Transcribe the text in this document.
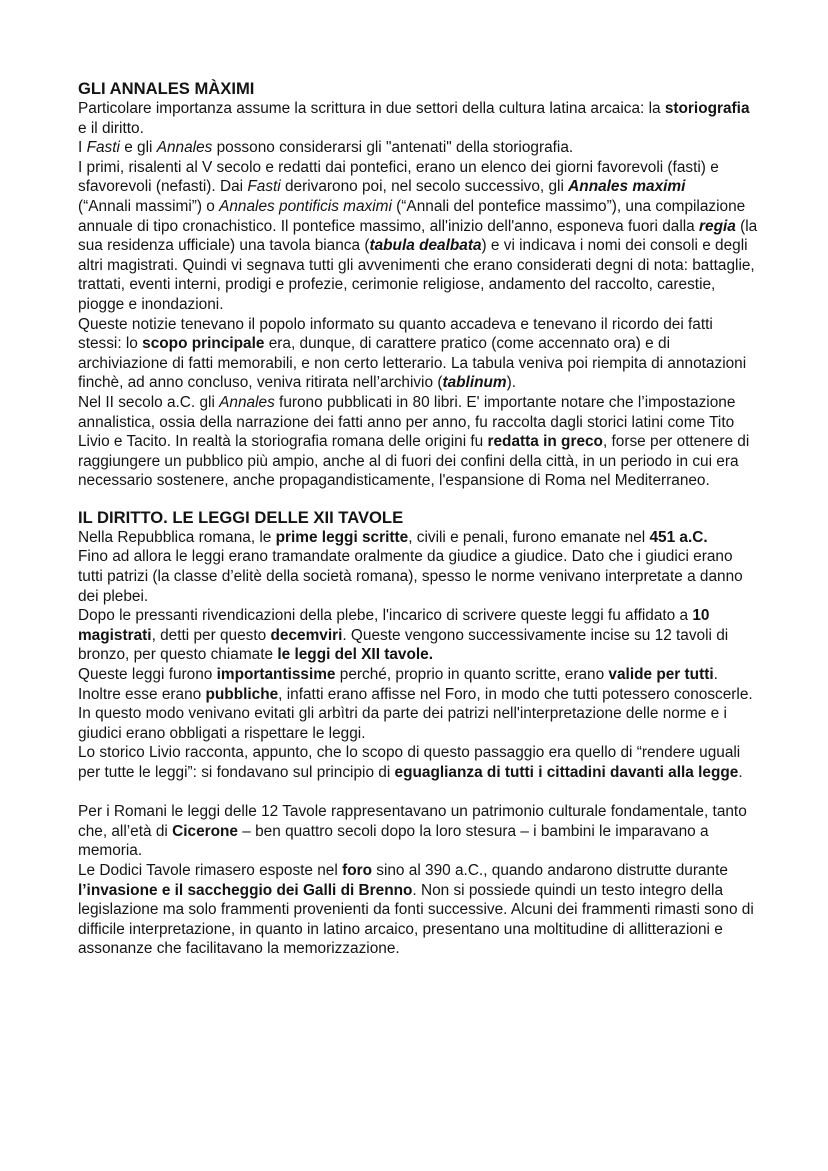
GLI ANNALES MÀXIMI

Particolare importanza assume la scrittura in due settori della cultura latina arcaica: la storiografia e il diritto.

I Fasti e gli Annales possono considerarsi gli "antenati" della storiografia.

I primi, risalenti al V secolo e redatti dai pontefici, erano un elenco dei giorni favorevoli (fasti) e sfavorevoli (nefasti). Dai Fasti derivarono poi, nel secolo successivo, gli Annales maximi

(“Annali massimi”) o Annales pontificis maximi (“Annali del pontefice massimo”), una compilazione annuale di tipo cronachistico. Il pontefice massimo, all'inizio dell'anno, esponeva fuori dalla regia (la sua residenza ufficiale) una tavola bianca (tabula dealbata) e vi indicava i nomi dei consoli e degli altri magistrati. Quindi vi segnava tutti gli avvenimenti che erano considerati degni di nota: battaglie, trattati, eventi interni, prodigi e profezie, cerimonie religiose, andamento del raccolto, carestie, piogge e inondazioni.

Queste notizie tenevano il popolo informato su quanto accadeva e tenevano il ricordo dei fatti stessi: lo scopo principale era, dunque, di carattere pratico (come accennato ora) e di archiviazione di fatti memorabili, e non certo letterario. La tabula veniva poi riempita di annotazioni finchè, ad anno concluso, veniva ritirata nell’archivio (tablinum).

Nel II secolo a.C. gli Annales furono pubblicati in 80 libri. E' importante notare che l’impostazione annalistica, ossia della narrazione dei fatti anno per anno, fu raccolta dagli storici latini come Tito Livio e Tacito. In realtà la storiografia romana delle origini fu redatta in greco, forse per ottenere di raggiungere un pubblico più ampio, anche al di fuori dei confini della città, in un periodo in cui era necessario sostenere, anche propagandisticamente, l'espansione di Roma nel Mediterraneo.

IL DIRITTO. LE LEGGI DELLE XII TAVOLE

Nella Repubblica romana, le prime leggi scritte, civili e penali, furono emanate nel 451 a.C.

Fino ad allora le leggi erano tramandate oralmente da giudice a giudice. Dato che i giudici erano tutti patrizi (la classe d’elitè della società romana), spesso le norme venivano interpretate a danno dei plebei.

Dopo le pressanti rivendicazioni della plebe, l'incarico di scrivere queste leggi fu affidato a 10 magistrati, detti per questo decemviri. Queste vengono successivamente incise su 12 tavoli di bronzo, per questo chiamate le leggi del XII tavole.

Queste leggi furono importantissime perché, proprio in quanto scritte, erano valide per tutti.

Inoltre esse erano pubbliche, infatti erano affisse nel Foro, in modo che tutti potessero conoscerle. In questo modo venivano evitati gli arbìtri da parte dei patrizi nell'interpretazione delle norme e i giudici erano obbligati a rispettare le leggi.

Lo storico Livio racconta, appunto, che lo scopo di questo passaggio era quello di “rendere uguali per tutte le leggi”: si fondavano sul principio di eguaglianza di tutti i cittadini davanti alla legge.

Per i Romani le leggi delle 12 Tavole rappresentavano un patrimonio culturale fondamentale, tanto che, all’età di Cicerone – ben quattro secoli dopo la loro stesura – i bambini le imparavano a memoria.

Le Dodici Tavole rimasero esposte nel foro sino al 390 a.C., quando andarono distrutte durante l’invasione e il saccheggio dei Galli di Brenno. Non si possiede quindi un testo integro della legislazione ma solo frammenti provenienti da fonti successive. Alcuni dei frammenti rimasti sono di difficile interpretazione, in quanto in latino arcaico, presentano una moltitudine di allitterazioni e assonanze che facilitavano la memorizzazione.
